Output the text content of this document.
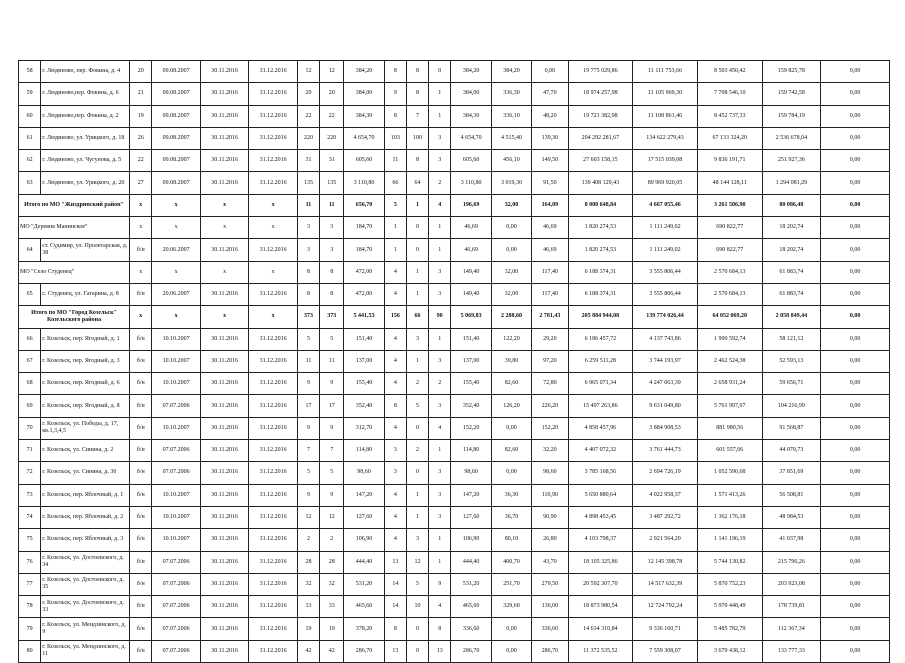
58	г. Людиново, пер. Фокина, д. 4	20	09.08.2007	30.11.2016	31.12.2016	12	12	384,20	8	8	0	384,20	384,20	0,00	19 775 029,86	11 111 753,66	8 503 450,42	159 825,78	0,00
59	г. Людиново,пер. Фокина, д. 6	21	09.08.2007	30.11.2016	31.12.2016	20	20	384,00	9	8	1	384,00	336,30	47,70	18 974 257,98	11 105 969,30	7 708 546,10	159 742,58	0,00
60	г. Людиново,пер. Фокина, д. 2	19	09.08.2007	30.11.2016	31.12.2016	22	22	384,30	8	7	1	384,30	336,10	48,20	19 721 382,98	11 108 861,46	8 452 737,33	159 784,19	0,00
61	г. Людиново, ул. Урицкого, д. 18	26	09.08.2007	30.11.2016	31.12.2016	220	220	4 654,70	103	100	3	4 654,70	4 515,40	139,30	204 292 281,67	134 622 279,43	67 133 324,20	2 536 678,04	0,00
62	г. Людиново, ул. Чугунова, д. 5	22	09.08.2007	30.11.2016	31.12.2016	31	31	605,60	11	8	3	605,60	456,10	149,50	27 603 158,15	17 515 039,08	9 836 191,71	251 927,36	0,00
63	г. Людиново, ул. Урицкого, д. 20	27	09.08.2007	30.11.2016	31.12.2016	135	135	3 110,80	66	64	2	3 110,80	3 019,30	91,50	139 408 129,43	89 969 920,05	48 144 128,11	1 294 081,29	0,00
Итого по МО "Жиздринский район"		x	x	x	x	11	11	656,70	5	1	4	196,69	32,00	164,09	8 008 648,84	4 667 055,46	3 261 506,90	80 086,48	0,00
МО "Деревня Манинское"		x	x	x	x	3	3	184,70	1	0	1	46,69	0,00	46,69	1 820 274,53	1 111 249,02	690 822,77	18 202,74	0,00
64	ст. Судимир, ул. Пролетарская, д. 38	б/н	20.06.2007	30.11.2016	31.12.2016	3	3	184,70	1	0	1	46,69	0,00	46,69	1 820 274,53	1 111 249,02	690 822,77	18 202,74	0,00
МО "Село Студенец"		x	x	x	x	8	8	472,00	4	1	3	149,40	32,00	117,40	6 188 374,31	3 555 806,44	2 570 684,13	61 883,74	0,00
65	с. Студенец, ул. Гагарина, д. 8	б/н	20.06.2007	30.11.2016	31.12.2016	8	8	472,00	4	1	3	149,40	32,00	117,40	6 188 374,31	3 555 806,44	2 570 684,13	61 883,74	0,00
Итого по МО "Город Козельск" Козельского района		x	x	x	x	373	373	5 441,53	156	66	90	5 069,83	2 288,60	2 781,43	205 884 944,08	139 774 026,44	64 052 069,20	2 058 849,44	0,00
66	г. Козельск, пер. Ягодный, д. 1	б/н	10.10.2007	30.11.2016	31.12.2016	5	5	151,40	4	3	1	151,40	122,20	29,20	6 186 457,72	4 137 743,86	1 990 592,74	58 121,12	0,00
67	г. Козельск, пер. Ягодный, д. 3	б/н	10.10.2007	30.11.2016	31.12.2016	11	11	137,00	4	1	3	137,00	39,80	97,20	6 259 511,28	3 744 193,97	2 462 524,38	52 593,13	0,00
68	г. Козельск, пер. Ягодный, д. 6	б/н	10.10.2007	30.11.2016	31.12.2016	9	9	155,40	4	2	2	155,40	82,60	72,80	6 965 071,34	4 247 063,39	2 658 931,24	59 656,71	0,00
69	г. Козельск, пер. Ягодный, д. 8	б/н	07.07.2006	30.11.2016	31.12.2016	17	17	352,40	8	5	3	352,40	126,20	226,20	15 497 263,86	9 631 049,80	5 761 997,07	104 216,99	0,00
70	г. Козельск, ул. Победы, д. 17, кв.1,3,4,5	б/н	10.10.2007	30.11.2016	31.12.2016	9	9	312,70	4	0	4	152,20	0,00	152,20	4 858 457,96	3 884 908,53	881 980,56	91 568,87	0,00
71	г. Козельск, ул. Синина, д. 2	б/н	07.07.2006	30.11.2016	31.12.2016	7	7	114,80	3	2	1	114,80	82,60	32,20	4 407 072,32	3 761 444,73	601 557,06	44 070,73	0,00
72	г. Козельск, ул. Синина, д. 30	б/н	07.07.2006	30.11.2016	31.12.2016	5	5	98,60	3	0	3	98,60	0,00	98,60	3 785 168,56	2 694 726,19	1 052 590,68	37 851,69	0,00
73	г. Козельск, пер. Яблочный, д. 1	б/н	10.10.2007	30.11.2016	31.12.2016	9	9	147,20	4	1	3	147,20	36,30	110,90	5 650 880,64	4 022 958,37	1 571 413,26	56 508,81	0,00
74	г. Козельск, пер. Яблочный, д. 2	б/н	10.10.2007	30.11.2016	31.12.2016	12	12	127,60	4	1	3	127,60	36,70	90,90	4 898 453,45	3 487 292,72	1 362 176,18	48 984,53	0,00
75	г. Козельск, пер. Яблочный, д. 3	б/н	10.10.2007	30.11.2016	31.12.2016	2	2	106,90	4	3	1	106,90	80,10	26,80	4 103 798,37	2 921 564,20	1 141 196,19	41 037,98	0,00
76	г. Козельск, ул. Достоевского, д. 34	б/н	07.07.2006	30.11.2016	31.12.2016	28	28	444,40	13	12	1	444,40	400,70	43,70	18 105 325,86	12 145 398,78	5 744 130,82	215 796,26	0,00
77	г. Козельск, ул. Достоевского, д. 35	б/н	07.07.2006	30.11.2016	31.12.2016	32	32	531,20	14	5	9	531,20	251,70	279,50	20 592 307,70	14 517 632,39	5 870 752,23	203 923,08	0,00
78	г. Козельск, ул. Достоевского, д. 33	б/н	07.07.2006	30.11.2016	31.12.2016	33	33	465,60	14	10	4	465,60	329,60	136,00	18 873 980,54	12 724 792,24	5 970 448,49	178 739,81	0,00
79	г. Козельск, ул. Мендзинского, д. 9	б/н	07.07.2006	30.11.2016	31.12.2016	19	19	378,20	8	0	8	336,60	0,00	336,60	14 634 310,84	9 336 160,71	5 485 782,79	112 367,34	0,00
80	г. Козельск, ул. Мендзинского, д. 11	б/н	07.07.2006	30.11.2016	31.12.2016	42	42	286,70	13	0	13	286,70	0,00	286,70	11 372 535,52	7 559 308,07	3 679 438,12	133 777,33	0,00
